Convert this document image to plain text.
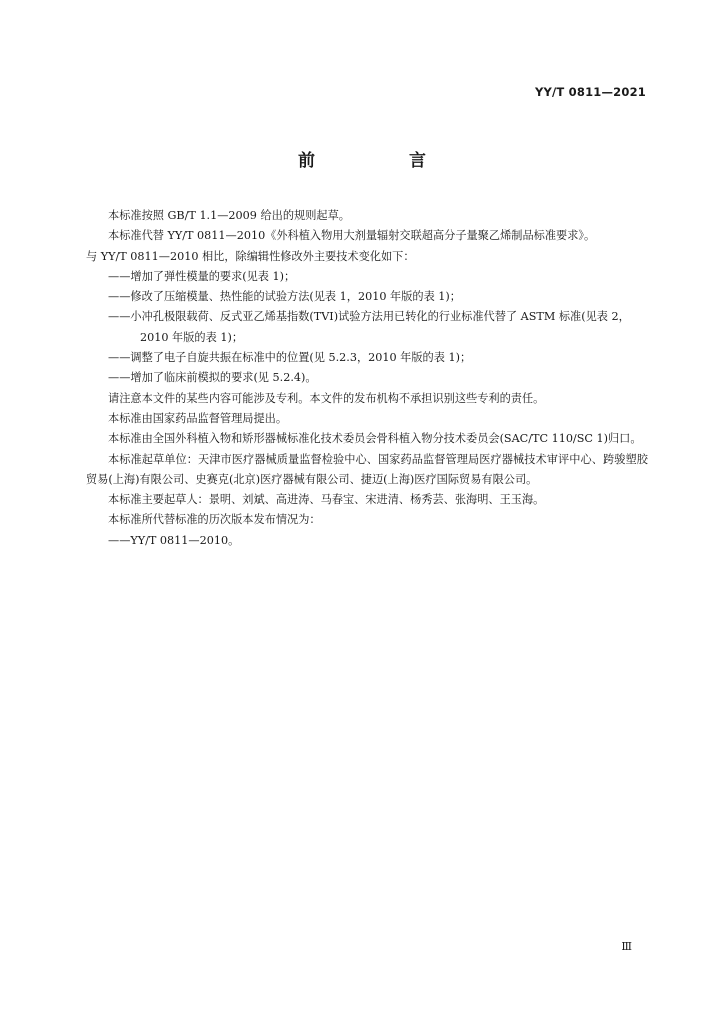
YY/T 0811—2021
前 言

本标准按照 GB/T 1.1—2009 给出的规则起草。

本标准代替 YY/T 0811—2010《外科植入物用大剂量辐射交联超高分子量聚乙烯制品标准要求》。

与 YY/T 0811—2010 相比，除编辑性修改外主要技术变化如下：

——增加了弹性模量的要求(见表 1)；

——修改了压缩模量、热性能的试验方法(见表 1，2010 年版的表 1)；

——小冲孔极限载荷、反式亚乙烯基指数(TVI)试验方法用已转化的行业标准代替了 ASTM 标准(见表 2，2010 年版的表 1)；

——调整了电子自旋共振在标准中的位置(见 5.2.3，2010 年版的表 1)；

——增加了临床前模拟的要求(见 5.2.4)。

请注意本文件的某些内容可能涉及专利。本文件的发布机构不承担识别这些专利的责任。

本标准由国家药品监督管理局提出。

本标准由全国外科植入物和矫形器械标准化技术委员会骨科植入物分技术委员会(SAC/TC 110/SC 1)归口。

本标准起草单位：天津市医疗器械质量监督检验中心、国家药品监督管理局医疗器械技术审评中心、跨骏塑胶贸易(上海)有限公司、史赛克(北京)医疗器械有限公司、捷迈(上海)医疗国际贸易有限公司。

本标准主要起草人：景明、刘斌、高进涛、马春宝、宋进清、杨秀芸、张海明、王玉海。

本标准所代替标准的历次版本发布情况为：

——YY/T 0811—2010。

Ⅲ
